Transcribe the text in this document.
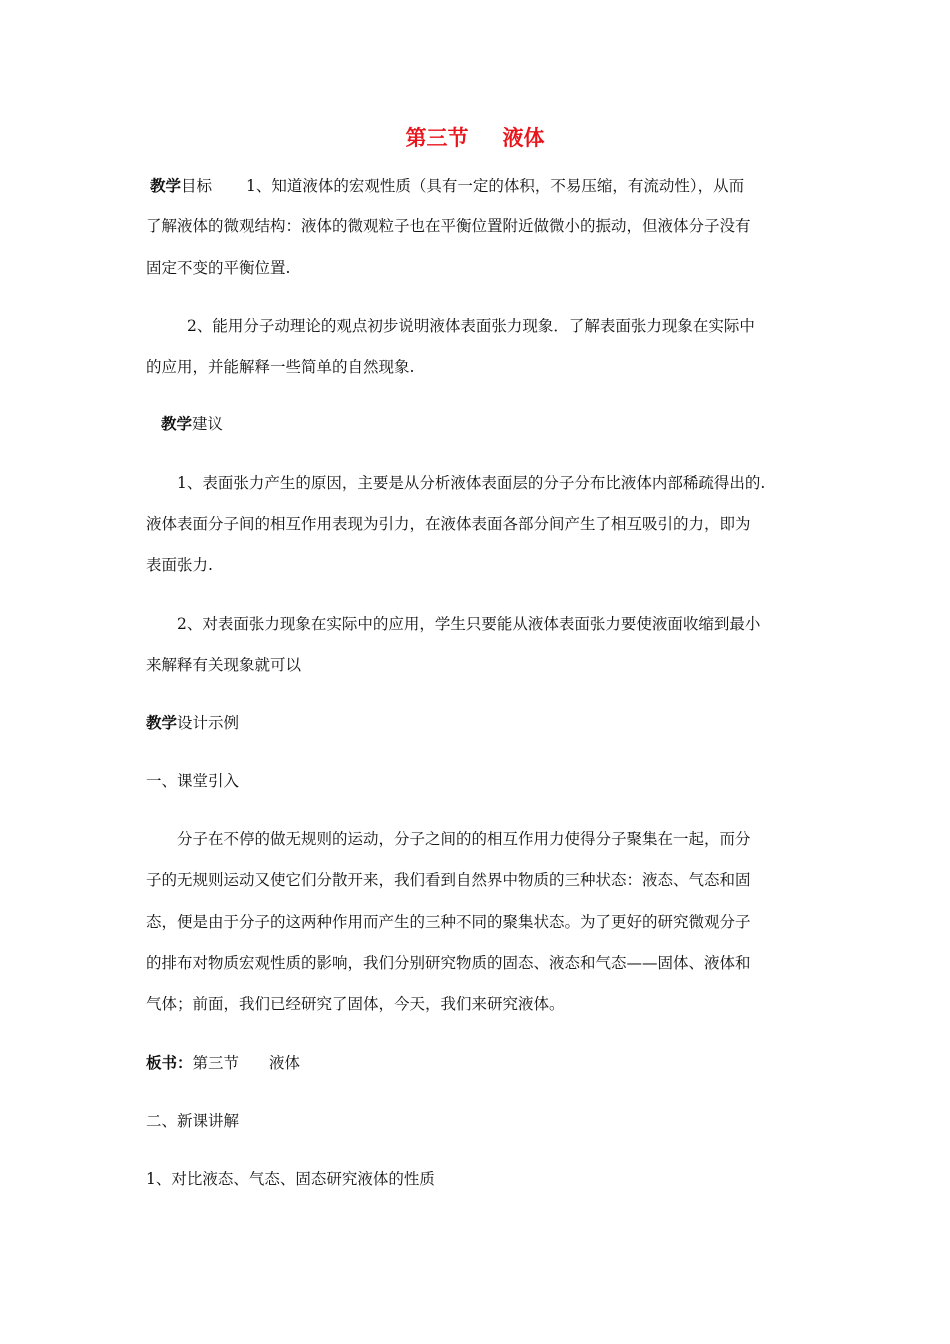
第三节 液体
教学目标 1、知道液体的宏观性质（具有一定的体积，不易压缩，有流动性），从而
了解液体的微观结构：液体的微观粒子也在平衡位置附近做微小的振动，但液体分子没有
固定不变的平衡位置.
2、能用分子动理论的观点初步说明液体表面张力现象．了解表面张力现象在实际中
的应用，并能解释一些简单的自然现象.
教学建议
1、表面张力产生的原因，主要是从分析液体表面层的分子分布比液体内部稀疏得出的.
液体表面分子间的相互作用表现为引力，在液体表面各部分间产生了相互吸引的力，即为
表面张力.
2、对表面张力现象在实际中的应用，学生只要能从液体表面张力要使液面收缩到最小
来解释有关现象就可以
教学设计示例
一、课堂引入
分子在不停的做无规则的运动，分子之间的的相互作用力使得分子聚集在一起，而分
子的无规则运动又使它们分散开来，我们看到自然界中物质的三种状态：液态、气态和固
态，便是由于分子的这两种作用而产生的三种不同的聚集状态。为了更好的研究微观分子
的排布对物质宏观性质的影响，我们分别研究物质的固态、液态和气态——固体、液体和
气体；前面，我们已经研究了固体，今天，我们来研究液体。
板书：第三节 液体
二、新课讲解
1、对比液态、气态、固态研究液体的性质
